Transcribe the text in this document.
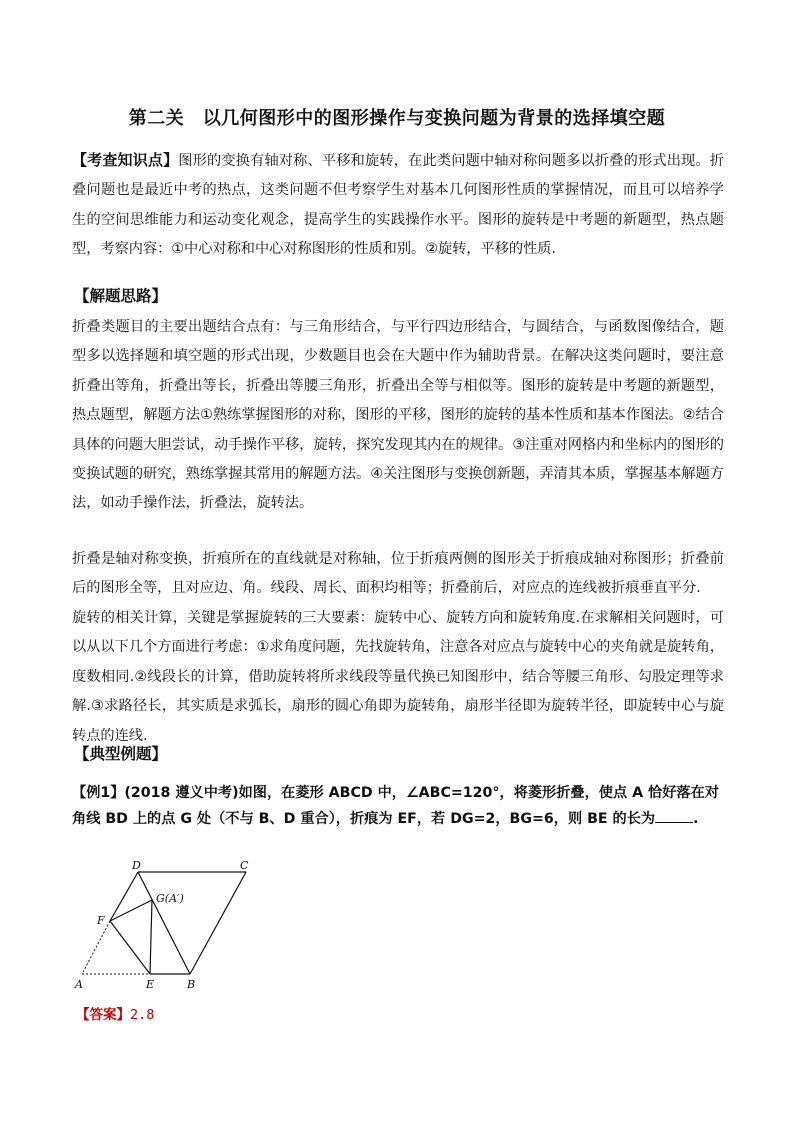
第二关　以几何图形中的图形操作与变换问题为背景的选择填空题
【考查知识点】图形的变换有轴对称、平移和旋转，在此类问题中轴对称问题多以折叠的形式出现。折叠问题也是最近中考的热点，这类问题不但考察学生对基本几何图形性质的掌握情况，而且可以培养学生的空间思维能力和运动变化观念，提高学生的实践操作水平。图形的旋转是中考题的新题型，热点题型，考察内容：①中心对称和中心对称图形的性质和别。②旋转，平移的性质.
【解题思路】
折叠类题目的主要出题结合点有：与三角形结合，与平行四边形结合，与圆结合，与函数图像结合，题型多以选择题和填空题的形式出现，少数题目也会在大题中作为辅助背景。在解决这类问题时，要注意折叠出等角，折叠出等长，折叠出等腰三角形，折叠出全等与相似等。图形的旋转是中考题的新题型，热点题型，解题方法①熟练掌握图形的对称，图形的平移，图形的旋转的基本性质和基本作图法。②结合具体的问题大胆尝试，动手操作平移，旋转，探究发现其内在的规律。③注重对网格内和坐标内的图形的变换试题的研究，熟练掌握其常用的解题方法。④关注图形与变换创新题，弄清其本质，掌握基本解题方法，如动手操作法，折叠法，旋转法。
折叠是轴对称变换，折痕所在的直线就是对称轴，位于折痕两侧的图形关于折痕成轴对称图形；折叠前后的图形全等，且对应边、角。线段、周长、面积均相等；折叠前后，对应点的连线被折痕垂直平分.
旋转的相关计算，关键是掌握旋转的三大要素：旋转中心、旋转方向和旋转角度.在求解相关问题时，可以从以下几个方面进行考虑：①求角度问题，先找旋转角，注意各对应点与旋转中心的夹角就是旋转角，度数相同.②线段长的计算，借助旋转将所求线段等量代换已知图形中，结合等腰三角形、勾股定理等求解.③求路径长，其实质是求弧长，扇形的圆心角即为旋转角，扇形半径即为旋转半径，即旋转中心与旋转点的连线.
【典型例题】
【例1】(2018 遵义中考)如图，在菱形 ABCD 中，∠ABC=120°，将菱形折叠，使点 A 恰好落在对角线 BD 上的点 G 处（不与 B、D 重合），折痕为 EF，若 DG=2，BG=6，则 BE 的长为	.
D	C
G(A′)
F
A	E	B
【答案】2.8
